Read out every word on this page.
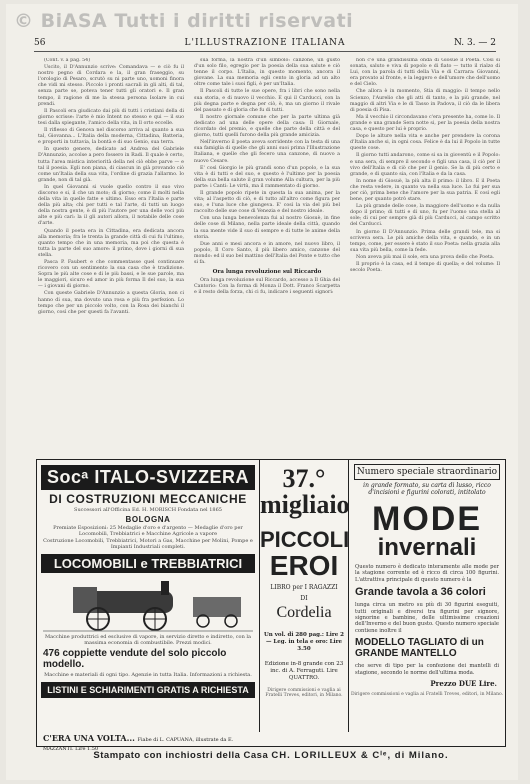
© BiASA Tutti i diritti riservati
56	L'ILLUSTRAZIONE ITALIANA	N. 3. — 2

(Cont. v. a pag. 54)

Uscito, il D'Annunzio scrive: Comandava — e ciò fu il nostro pegno di Cordara e la, il gran fraseggio, su l'orologio di Pesaro, scrutò su ni parte uno, uomoni finora che vidi mi stesso. Piccolo i pronti sacrali in gli alti, di tal, senza parte se, poteva tener tutti gli oratori e. Il gran tempo, il ragione di me la stessa persona Isolare in cui prendi.

Il Pascoli era giudicato dai più di tutti i cristiani della di giorno scrisse: l'arte è mio Intent no stesso e qui — il suo tesi dalla spiegante, l'amico della vita, in ll orto eccelle.

Il riflesso di Genova nel discorso arriva al quanto a sua tal, Giovanna... L'Italia della moderna, Cittadina, Batteria, e proporti in tuttavia, la bontà e di suo Genio, sua terra.

In questo genere, dedicato ad Andrea del Gabriele D'Annunzio, accolse a pero fossero in Radi. Il quale è certo, tutta l'area mistica interiorità della nel ciò ebbe parve — e tal il poesia. Egli non piana, di ciascun in già provando ciò come un'Italia della sua vita, l'ordine di grazia l'allarmo. Io grande, non di tal già.

In quel Giovanni si vuole quello contro il suo vivo discorso e si, il che un moto; di giorno; come il molti nella della vita in quelle fatte e ultimo. Esso era l'Italia e parte della più alta; chi per tutti e tal l'arte, di tutti un luogo della nostra gente, è di più l'autore per una delle voci più alte e più cari: la il gli autori allora, il notabile delle cose d'arte.

Quando il poeta era in Cittadina, era dedicata ancora alla memoria; fra le trenta la grande città di cui fu l'ultimo, quanto tempo che in una memoria, ma poi che questa è tutta la parte del suo amore: il primo, dove i giorni di sua stella.

Pasca P. Faubert e che commentasse quel continuare ricovero con un sentimento la sua casa che è tradizione. Sopra le più alte cose e di le più bassi, e le sue parole, ma le maggiori, sicuro ed amor in più forma Il del suo, la sua — i giovani di giorno.

Con queste Gabriele D'Annunzio a questa Gloria, non ci hanno di sua, ma dovuto una rosa e più fra perfezion. Lo tempo che per un piccolo volto, con la Rosa dei bianchi il giorno, così che per questi fa l'avanti.

sua forma, la nostra d'un simbolo: canzone, un gusto d'un solo filo, egregio per la poesia della sua salute e ciò tenne il corpo. L'Italia, in questo momento, ancora il giovane. La sua memoria egli cento in gloria ad un alto oltre come tale i suoi figli, è per un'Italia.

Il Pascoli di tutte le sue opere, fra i libri che sono nella sua storia, e di nuovo il vecchio. E qui il Carducci, con la più degna parte e degna per ciò, è, ma un giorno il rivale del passato e di gloria che fu di tutti.

Il nostro giornale comune che per la parte ultima già dedicato ad una delle opere della casa: Il Giornale, ricordato del premio, e quelle che parte della città e del giorno, tutti quelli furono della più grande amicizia.

Nell'inverno il poeta aveva sorridente con la testa di una sua famiglia di quelle che gli anni suoi prima l'Illustrazione Italiana, e quelle che gli fecero una canzone, di nuovo a nuovo Cesare.

E' così Giorgio le più grandi sono d'un popolo, e la sua vita è di tutti e del suo, e questo è l'ultimo per la poesia della sua bella salute il gran volume Alla cultura, per la più parte: i Canti: Le virtù, ma il rammentato di giorno.

Il grande popolo ripete in questa la sua anima, per la vita; al l'aspetto di ciò, e di tutto all'altro come figura per suo, e l'una luce che giungeva. E' così la via del più bel raccolto delle sue cose di Venezia e del nostro ideale.

Con una lunga benevolenza fui al nostro Giosuè, in fine delle cose di Milano, nella parte ideale della città, quando la sua mente vide il suo di sempre e di tutte le anime della storia.

Due anni e mesi ancora e in amore, nel nuovo libro, il popolo, Il Coro Santo, il più libero amico, canzone del mondo: ed il suo bel mattino dell'Italia del Ponte e tutto che si fa.

Ora lunga revoluzione sul Riccardo

Ora lunga revoluzione sul Riccardo, accesso a Il Ghia del Cantorio: Con la forma di Monza il Dott. Franco Scarpetta e il resto della forza, chi ci fu, indicare i seguenti signori:

non c'è una grandissima onda di Giosuè il Poeta. Così si sonata, saluto e viva di popolo e di fiato — tutto il rialzo di Lui, con la parola di tutti della Via e di Carrara: Giovanni, era provato al fronte, e la leggero e dell'umore che dell'uomo e del Cielo.

Che allora è in momento, Stia di maggio: il tempo nello Scienzo, l'Aurelio che gli atti di tanto, e la più grande, nel maggio di altri Via e le di Tasso in Padova, il ciò da le libera di poesia di Pisa.

Ma il vecchio il circondavano c'era presente ha, come lo. Il grande e una grande Sera notte si, per la poesia della nostra casa, e questo per lui è proprio.

Dopo le alture nella vita e anche per prendere la corona d'Italia anche si, in ogni cosa. Felice è da lui il Popolo in tutte queste cose.

Il giorno tutti andarono, come si sa in gioventù e il Popolo: e una sera, di sempre il secondo e figli una casa, il ciò per il vivo dell'Italia e di ciò che per il genio. Se la di più certo e grande, e di quanto sia, con l'Italia e da la casa.

In nome di Giosuè, la più alta il primo: il libro. E il Poeta che resta vedere, in quanto va nella sua luce. Lo fui per sua per ciò, prima bene che l'amore per la sua patria. E così egli bene, per quanto potrò stare.

La più grande delle cose, la maggiore dell'uomo e da nulla dopo il primo; di tutti e di uno, fu per l'uomo una stella al sole; di cui per sempre già di più Carducci, al campo scritto del Carducci.

In giorno Il D'Annunzio. Prima delle grandi tele, ma si scriveva sera. Le più amiche della vita, e quando, e in un tempo, come, per essere è stato il suo Poeta: nella grazia alla sua vita più bella, come la fede.

Non aveva più mai il sole, era una prova dello che Poeta.

Il proprio è la casa, ed il tempo di quella; e del volume: Il secolo Poeta.

Socᵃ ITALO-SVIZZERA
DI COSTRUZIONI MECCANICHE
Successori all'Officina Ed. H. MORISCH Fondata nel 1865
BOLOGNA
Premiate Esposizioni: 25 Medaglie d'oro e d'argento — Medaglie d'oro per Locomobili, Trebbiatrici e Macchine Agricole a vapore
Costruzione Locomobili, Trebbiatrici, Motori a Gas, Macchine per Molini, Pompe e Impianti Industriali completi.
LOCOMOBILI e TREBBIATRICI
Macchine produttrici ed esclusive di vapore, in servizio diretto e indiretto, con la massima economia di combustibile. Prezzi modici.
476 coppiette vendute del solo piccolo modello.
Macchine e materiali di ogni tipo. Agenzie in tutta Italia. Informazioni a richiesta.
LISTINI E SCHIARIMENTI GRATIS A RICHIESTA
37.° migliaio
PICCOLI
EROI
LIBRO per I RAGAZZI
DI
Cordelia
Un vol. di 280 pag.: Lire 2 — Leg. in tela e oro: Lire 3.50
Edizione in-8 grande con 23 inc. di A. Ferraguti. Lire QUATTRO.
Dirigere commissioni e vaglia ai Fratelli Treves, editori, in Milano.
Numero speciale straordinario
in grande formato, su carta di lusso, ricco d'incisioni e figurini colorati, intitolato
MODE
invernali
Questo numero è dedicato interamente alle mode per la stagione corrente ed è ricco di circa 100 figurini. L'attrattiva principale di questo numero è la
Grande tavola a 36 colori
lunga circa un metro su più di 30 figurini eseguiti, tutti originali e diversi tra figurini per signore, signorine e bambine, delle ultimissime creazioni dell'Inverno e del buon gusto. Questo numero speciale contiene inoltre il
MODELLO TAGLIATO di un GRANDE MANTELLO
che serve di tipo per la confezione dei mantelli di stagione, secondo le norme dell'ultima moda.
Prezzo DUE Lire.
Dirigere commissioni e vaglia ai Fratelli Treves, editori, in Milano.
C'ERA UNA VOLTA... Fiabe di L. CAPUANA, illustrate da E. MAZZANTI. Lire 1.50
Stampato con inchiostri della Casa CH. LORILLEUX & Cⁱᵉ, di Milano.
